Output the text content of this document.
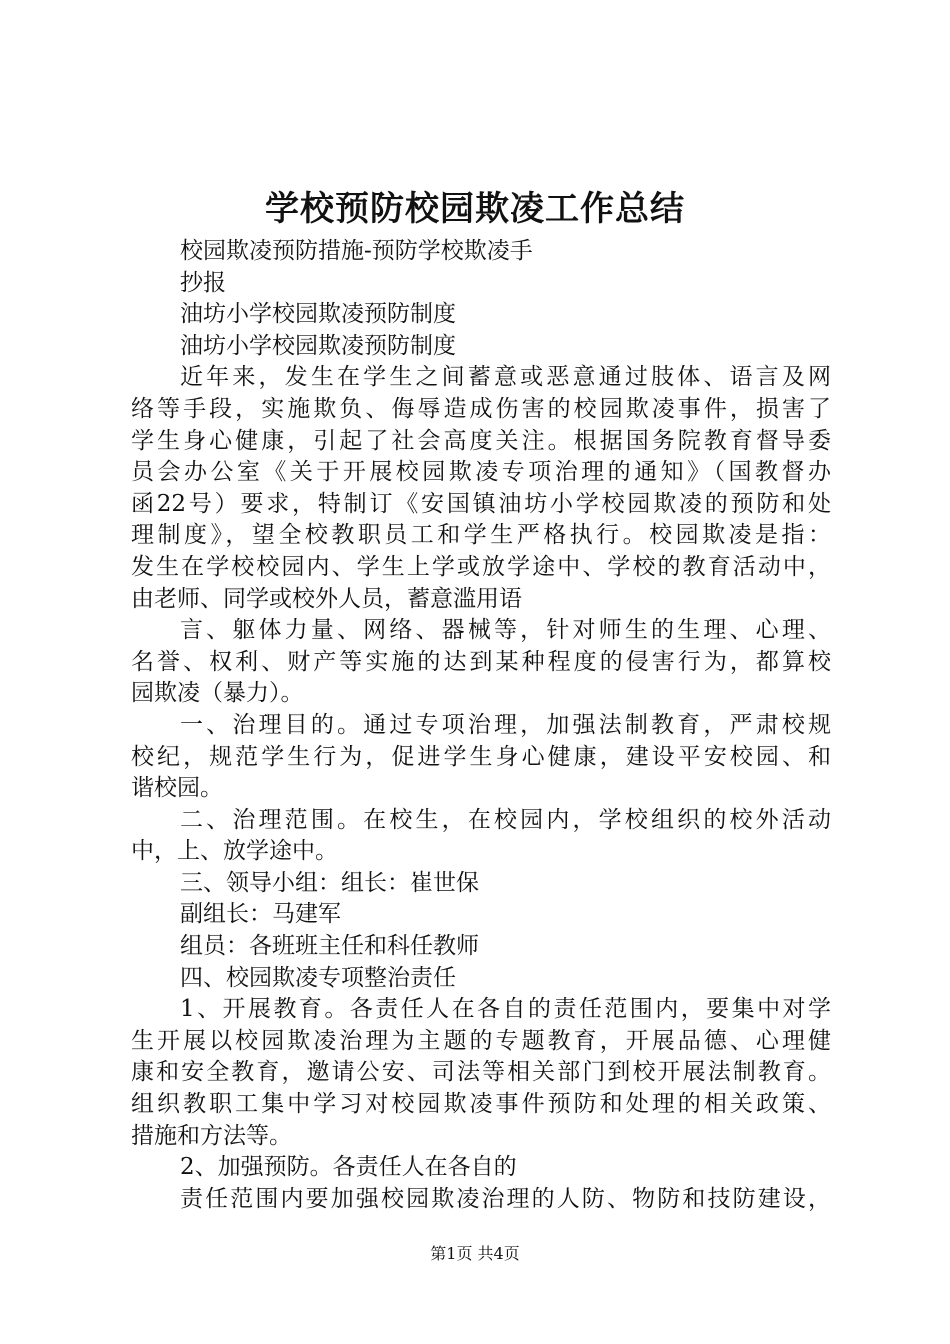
学校预防校园欺凌工作总结
校园欺凌预防措施-预防学校欺凌手
抄报
油坊小学校园欺凌预防制度
油坊小学校园欺凌预防制度
近年来，发生在学生之间蓄意或恶意通过肢体、语言及网
络等手段，实施欺负、侮辱造成伤害的校园欺凌事件，损害了
学生身心健康，引起了社会高度关注。根据国务院教育督导委
员会办公室《关于开展校园欺凌专项治理的通知》（国教督办
函22号）要求，特制订《安国镇油坊小学校园欺凌的预防和处
理制度》，望全校教职员工和学生严格执行。校园欺凌是指：
发生在学校校园内、学生上学或放学途中、学校的教育活动中，
由老师、同学或校外人员，蓄意滥用语
言、躯体力量、网络、器械等，针对师生的生理、心理、
名誉、权利、财产等实施的达到某种程度的侵害行为，都算校
园欺凌（暴力）。
一、治理目的。通过专项治理，加强法制教育，严肃校规
校纪，规范学生行为，促进学生身心健康，建设平安校园、和
谐校园。
二、治理范围。在校生，在校园内，学校组织的校外活动
中，上、放学途中。
三、领导小组：组长：崔世保
副组长：马建军
组员：各班班主任和科任教师
四、校园欺凌专项整治责任
1、开展教育。各责任人在各自的责任范围内，要集中对学
生开展以校园欺凌治理为主题的专题教育，开展品德、心理健
康和安全教育，邀请公安、司法等相关部门到校开展法制教育。
组织教职工集中学习对校园欺凌事件预防和处理的相关政策、
措施和方法等。
2、加强预防。各责任人在各自的
责任范围内要加强校园欺凌治理的人防、物防和技防建设，
第1页 共4页
